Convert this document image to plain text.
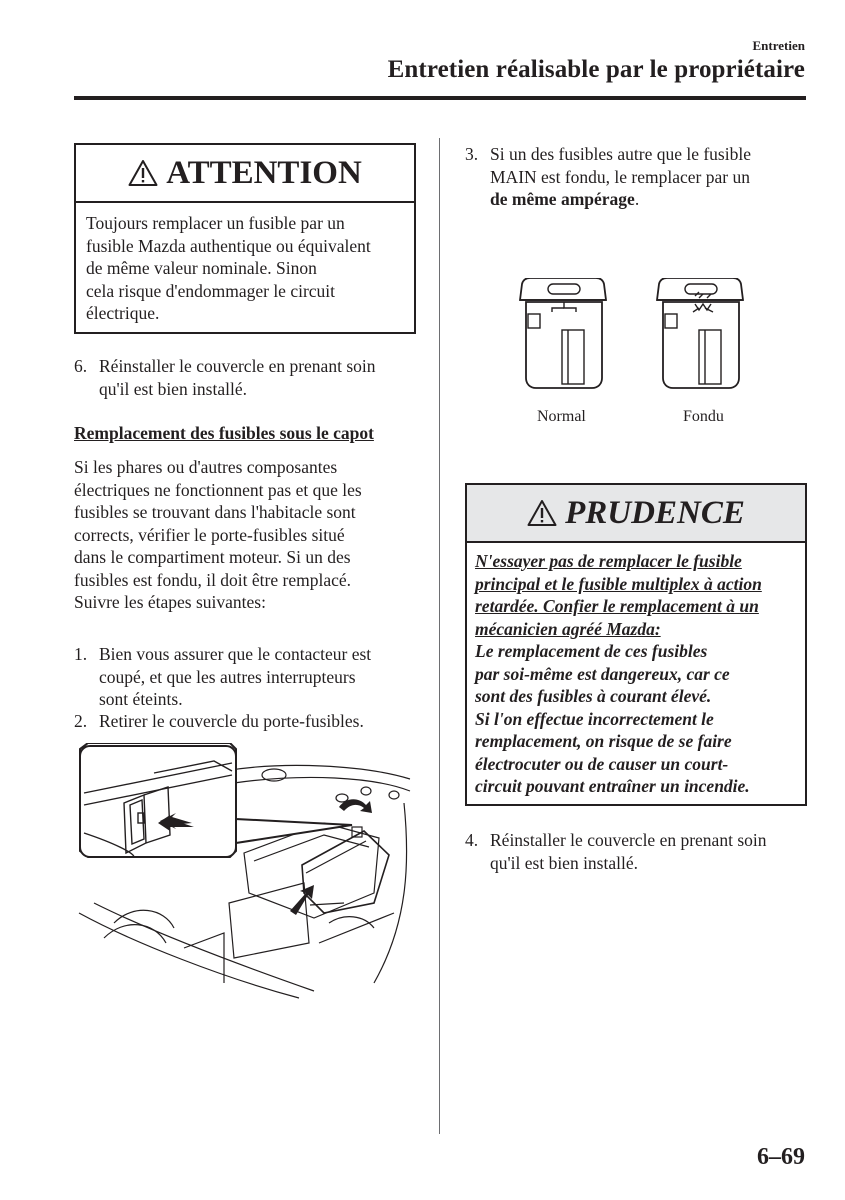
Entretien
Entretien réalisable par le propriétaire
ATTENTION
Toujours remplacer un fusible par un
fusible Mazda authentique ou équivalent
de même valeur nominale. Sinon
cela risque d'endommager le circuit
électrique.
6. Réinstaller le couvercle en prenant soin
qu'il est bien installé.
Remplacement des fusibles sous le capot
Si les phares ou d'autres composantes
électriques ne fonctionnent pas et que les
fusibles se trouvant dans l'habitacle sont
corrects, vérifier le porte-fusibles situé
dans le compartiment moteur. Si un des
fusibles est fondu, il doit être remplacé.
Suivre les étapes suivantes:
1. Bien vous assurer que le contacteur est
coupé, et que les autres interrupteurs
sont éteints.
2. Retirer le couvercle du porte-fusibles.
3. Si un des fusibles autre que le fusible
MAIN est fondu, le remplacer par un
de même ampérage.
Normal	Fondu
PRUDENCE
N'essayer pas de remplacer le fusible
principal et le fusible multiplex à action
retardée. Confier le remplacement à un
mécanicien agréé Mazda:
Le remplacement de ces fusibles
par soi-même est dangereux, car ce
sont des fusibles à courant élevé.
Si l'on effectue incorrectement le
remplacement, on risque de se faire
électrocuter ou de causer un court-
circuit pouvant entraîner un incendie.
4. Réinstaller le couvercle en prenant soin
qu'il est bien installé.
6–69
